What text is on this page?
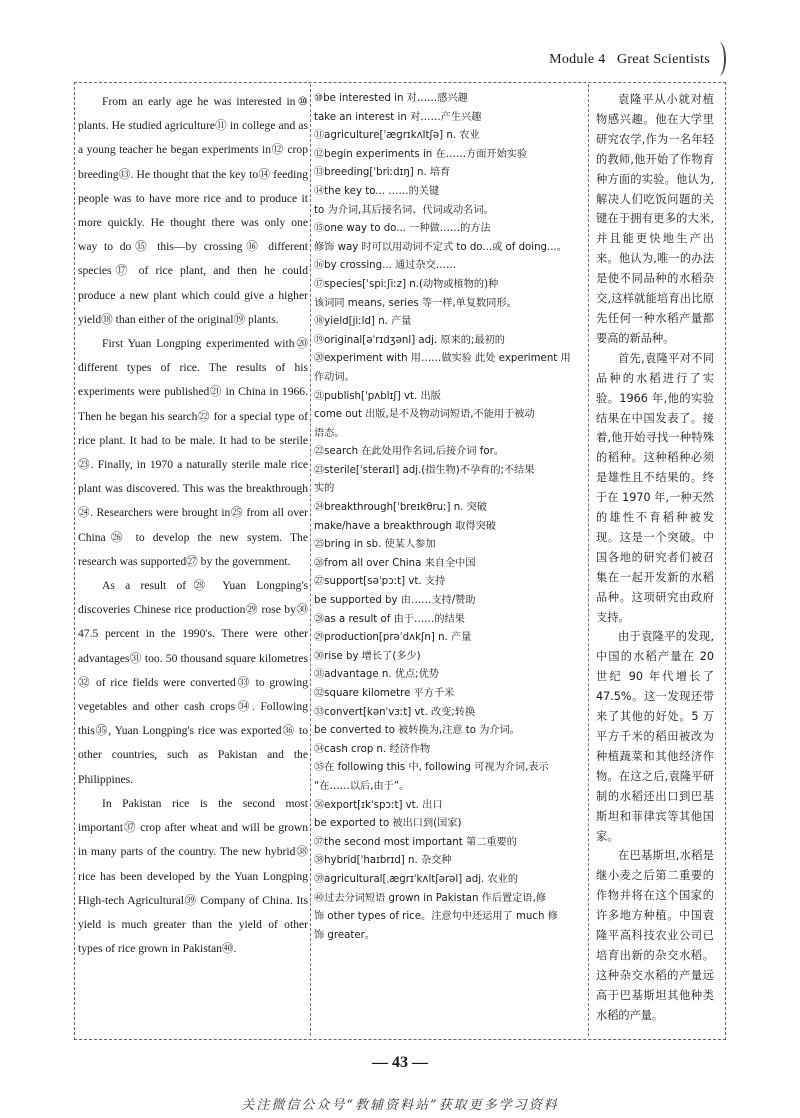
Module 4 Great Scientists

From an early age he was interested in⑩ plants. He studied agriculture⑪ in college and as a young teacher he began experiments in⑫ crop breeding⑬. He thought that the key to⑭ feeding people was to have more rice and to produce it more quickly. He thought there was only one way to do⑮ this—by crossing⑯ different species⑰ of rice plant, and then he could produce a new plant which could give a higher yield⑱ than either of the original⑲ plants.

First Yuan Longping experimented with⑳ different types of rice. The results of his experiments were published㉑ in China in 1966. Then he began his search㉒ for a special type of rice plant. It had to be male. It had to be sterile㉓. Finally, in 1970 a naturally sterile male rice plant was discovered. This was the breakthrough㉔. Researchers were brought in㉕ from all over China㉖ to develop the new system. The research was supported㉗ by the government.

As a result of㉘ Yuan Longping's discoveries Chinese rice production㉙ rose by㉚ 47.5 percent in the 1990's. There were other advantages㉛ too. 50 thousand square kilometres㉜ of rice fields were converted㉝ to growing vegetables and other cash crops㉞. Following this㉟, Yuan Longping's rice was exported㊱ to other countries, such as Pakistan and the Philippines.

In Pakistan rice is the second most important㊲ crop after wheat and will be grown in many parts of the country. The new hybrid㊳ rice has been developed by the Yuan Longping High-tech Agricultural㊴ Company of China. Its yield is much greater than the yield of other types of rice grown in Pakistan㊵.

⑩be interested in 对……感兴趣
take an interest in 对……产生兴趣
⑪agriculture[ˈæɡrɪkʌltʃə] n. 农业
⑫begin experiments in 在……方面开始实验
⑬breeding[ˈbriːdɪŋ] n. 培育
⑭the key to... ……的关键
to 为介词,其后接名词、代词或动名词。
⑮one way to do... 一种做……的方法
修饰 way 时可以用动词不定式 to do...或 of doing...。
⑯by crossing... 通过杂交……
⑰species[ˈspiːʃiːz] n.(动物或植物的)种
该词同 means, series 等一样,单复数同形。
⑱yield[jiːld] n. 产量
⑲original[əˈrɪdʒənl] adj. 原来的;最初的
⑳experiment with 用……做实验 此处 experiment 用
作动词。
㉑publish[ˈpʌblɪʃ] vt. 出版
come out 出版,是不及物动词短语,不能用于被动
语态。
㉒search 在此处用作名词,后接介词 for。
㉓sterile[ˈsteraɪl] adj.(指生物)不孕育的;不结果
实的
㉔breakthrough[ˈbreɪkθruː] n. 突破
make/have a breakthrough 取得突破
㉕bring in sb. 使某人参加
㉖from all over China 来自全中国
㉗support[səˈpɔːt] vt. 支持
be supported by 由……支持/赞助
㉘as a result of 由于……的结果
㉙production[prəˈdʌkʃn] n. 产量
㉚rise by 增长了(多少)
㉛advantage n. 优点;优势
㉜square kilometre 平方千米
㉝convert[kənˈvɜːt] vt. 改变;转换
be converted to 被转换为,注意 to 为介词。
㉞cash crop n. 经济作物
㉟在 following this 中, following 可视为介词,表示
“在……以后,由于”。
㊱export[ɪkˈspɔːt] vt. 出口
be exported to 被出口到(国家)
㊲the second most important 第二重要的
㊳hybrid[ˈhaɪbrɪd] n. 杂交种
㊴agricultural[ˌæɡrɪˈkʌltʃərəl] adj. 农业的
㊵过去分词短语 grown in Pakistan 作后置定语,修
饰 other types of rice。注意句中还运用了 much 修
饰 greater。

袁隆平从小就对植物感兴趣。他在大学里研究农学,作为一名年轻的教师,他开始了作物育种方面的实验。他认为,解决人们吃饭问题的关键在于拥有更多的大米,并且能更快地生产出来。他认为,唯一的办法是使不同品种的水稻杂交,这样就能培育出比原先任何一种水稻产量都要高的新品种。

首先,袁隆平对不同品种的水稻进行了实验。1966 年,他的实验结果在中国发表了。接着,他开始寻找一种特殊的稻种。这种稻种必须是雄性且不结果的。终于在 1970 年,一种天然的雄性不育稻种被发现。这是一个突破。中国各地的研究者们被召集在一起开发新的水稻品种。这项研究由政府支持。

由于袁隆平的发现,中国的水稻产量在 20 世纪 90 年代增长了 47.5%。这一发现还带来了其他的好处。5 万平方千米的稻田被改为种植蔬菜和其他经济作物。在这之后,袁隆平研制的水稻还出口到巴基斯坦和菲律宾等其他国家。

在巴基斯坦,水稻是继小麦之后第二重要的作物并将在这个国家的许多地方种植。中国袁隆平高科技农业公司已培育出新的杂交水稻。这种杂交水稻的产量远高于巴基斯坦其他种类水稻的产量。

— 43 —
关注微信公众号“教辅资料站”获取更多学习资料
